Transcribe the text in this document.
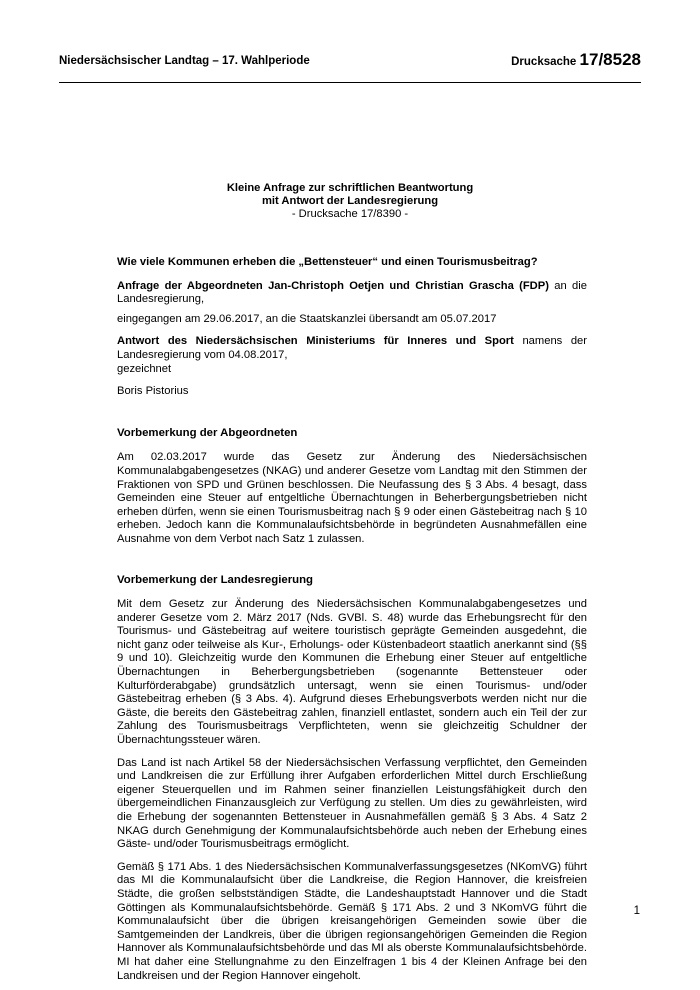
Niedersächsischer Landtag – 17. Wahlperiode	Drucksache 17/8528
Kleine Anfrage zur schriftlichen Beantwortung
mit Antwort der Landesregierung
- Drucksache 17/8390 -

Wie viele Kommunen erheben die „Bettensteuer“ und einen Tourismusbeitrag?

Anfrage der Abgeordneten Jan-Christoph Oetjen und Christian Grascha (FDP) an die Landesregierung,

eingegangen am 29.06.2017, an die Staatskanzlei übersandt am 05.07.2017

Antwort des Niedersächsischen Ministeriums für Inneres und Sport namens der Landesregierung vom 04.08.2017,

gezeichnet

Boris Pistorius

Vorbemerkung der Abgeordneten

Am 02.03.2017 wurde das Gesetz zur Änderung des Niedersächsischen Kommunalabgabengesetzes (NKAG) und anderer Gesetze vom Landtag mit den Stimmen der Fraktionen von SPD und Grünen beschlossen. Die Neufassung des § 3 Abs. 4 besagt, dass Gemeinden eine Steuer auf entgeltliche Übernachtungen in Beherbergungsbetrieben nicht erheben dürfen, wenn sie einen Tourismusbeitrag nach § 9 oder einen Gästebeitrag nach § 10 erheben. Jedoch kann die Kommunalaufsichtsbehörde in begründeten Ausnahmefällen eine Ausnahme von dem Verbot nach Satz 1 zulassen.

Vorbemerkung der Landesregierung

Mit dem Gesetz zur Änderung des Niedersächsischen Kommunalabgabengesetzes und anderer Gesetze vom 2. März 2017 (Nds. GVBl. S. 48) wurde das Erhebungsrecht für den Tourismus- und Gästebeitrag auf weitere touristisch geprägte Gemeinden ausgedehnt, die nicht ganz oder teilweise als Kur-, Erholungs- oder Küstenbadeort staatlich anerkannt sind (§§ 9 und 10). Gleichzeitig wurde den Kommunen die Erhebung einer Steuer auf entgeltliche Übernachtungen in Beherbergungsbetrieben (sogenannte Bettensteuer oder Kulturförderabgabe) grundsätzlich untersagt, wenn sie einen Tourismus- und/oder Gästebeitrag erheben (§ 3 Abs. 4). Aufgrund dieses Erhebungsverbots werden nicht nur die Gäste, die bereits den Gästebeitrag zahlen, finanziell entlastet, sondern auch ein Teil der zur Zahlung des Tourismusbeitrags Verpflichteten, wenn sie gleichzeitig Schuldner der Übernachtungssteuer wären.

Das Land ist nach Artikel 58 der Niedersächsischen Verfassung verpflichtet, den Gemeinden und Landkreisen die zur Erfüllung ihrer Aufgaben erforderlichen Mittel durch Erschließung eigener Steuerquellen und im Rahmen seiner finanziellen Leistungsfähigkeit durch den übergemeindlichen Finanzausgleich zur Verfügung zu stellen. Um dies zu gewährleisten, wird die Erhebung der sogenannten Bettensteuer in Ausnahmefällen gemäß § 3 Abs. 4 Satz 2 NKAG durch Genehmigung der Kommunalaufsichtsbehörde auch neben der Erhebung eines Gäste- und/oder Tourismusbeitrags ermöglicht.

Gemäß § 171 Abs. 1 des Niedersächsischen Kommunalverfassungsgesetzes (NKomVG) führt das MI die Kommunalaufsicht über die Landkreise, die Region Hannover, die kreisfreien Städte, die großen selbstständigen Städte, die Landeshauptstadt Hannover und die Stadt Göttingen als Kommunalaufsichtsbehörde. Gemäß § 171 Abs. 2 und 3 NKomVG führt die Kommunalaufsicht über die übrigen kreisangehörigen Gemeinden sowie über die Samtgemeinden der Landkreis, über die übrigen regionsangehörigen Gemeinden die Region Hannover als Kommunalaufsichtsbehörde und das MI als oberste Kommunalaufsichtsbehörde. MI hat daher eine Stellungnahme zu den Einzelfragen 1 bis 4 der Kleinen Anfrage bei den Landkreisen und der Region Hannover eingeholt.

1
